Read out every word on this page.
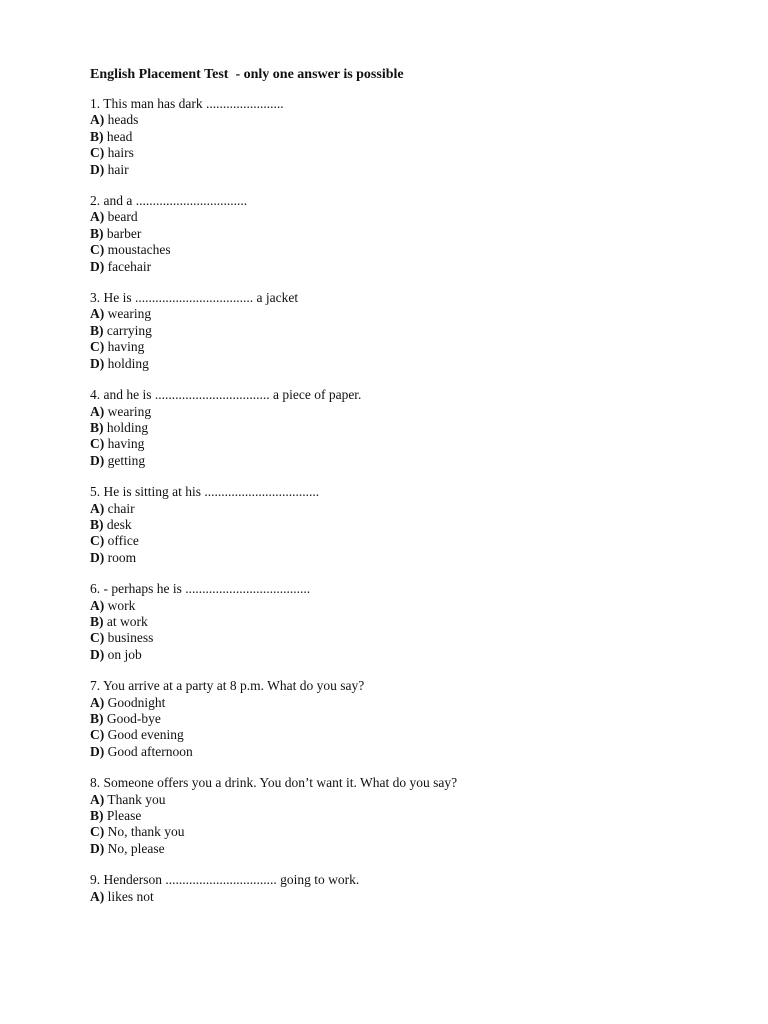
English Placement Test  - only one answer is possible
1. This man has dark .......................
A) heads
B) head
C) hairs
D) hair
2. and a .................................
A) beard
B) barber
C) moustaches
D) facehair
3. He is ................................... a jacket
A) wearing
B) carrying
C) having
D) holding
4. and he is .................................. a piece of paper.
A) wearing
B) holding
C) having
D) getting
5. He is sitting at his ..................................
A) chair
B) desk
C) office
D) room
6. - perhaps he is .....................................
A) work
B) at work
C) business
D) on job
7. You arrive at a party at 8 p.m. What do you say?
A) Goodnight
B) Good-bye
C) Good evening
D) Good afternoon
8. Someone offers you a drink. You don’t want it. What do you say?
A) Thank you
B) Please
C) No, thank you
D) No, please
9. Henderson ................................. going to work.
A) likes not
